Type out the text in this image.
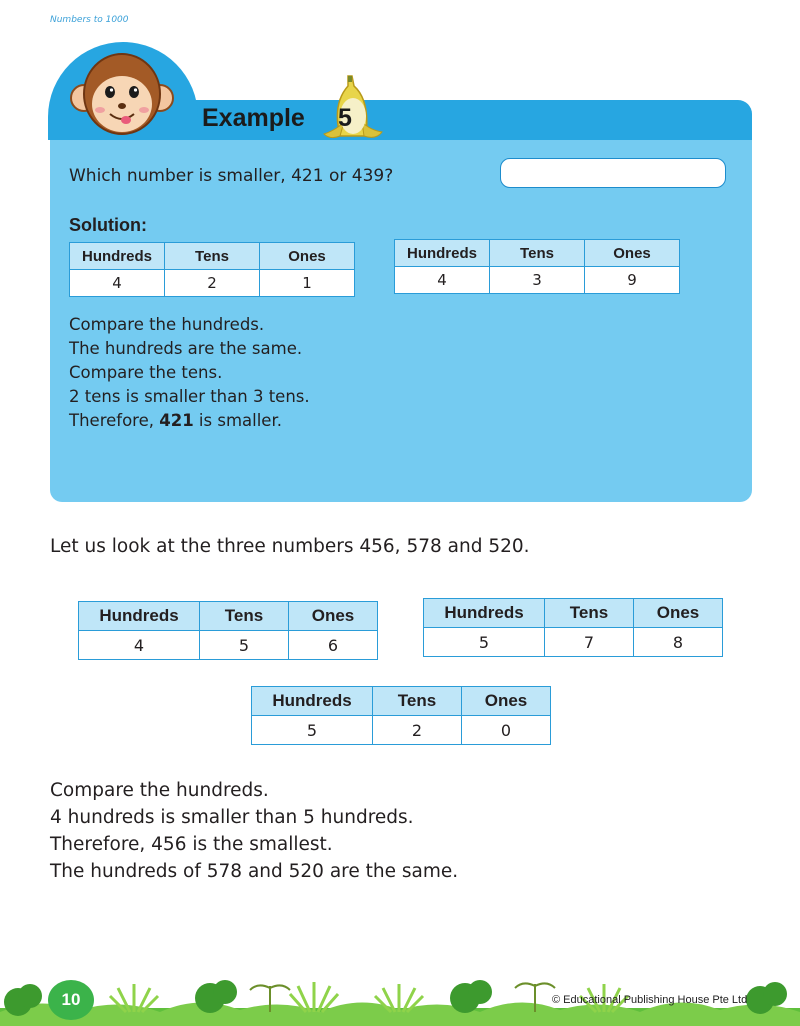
Numbers to 1000
Example	5
Which number is smaller, 421 or 439?
Solution:
Hundreds	Tens	Ones
4	2	1
Hundreds	Tens	Ones
4	3	9
Compare the hundreds.
The hundreds are the same.
Compare the tens.
2 tens is smaller than 3 tens.
Therefore, 421 is smaller.
Let us look at the three numbers 456, 578 and 520.
Hundreds	Tens	Ones
4	5	6
Hundreds	Tens	Ones
5	7	8
Hundreds	Tens	Ones
5	2	0
Compare the hundreds.
4 hundreds is smaller than 5 hundreds.
Therefore, 456 is the smallest.
The hundreds of 578 and 520 are the same.
10	© Educational Publishing House Pte Ltd
